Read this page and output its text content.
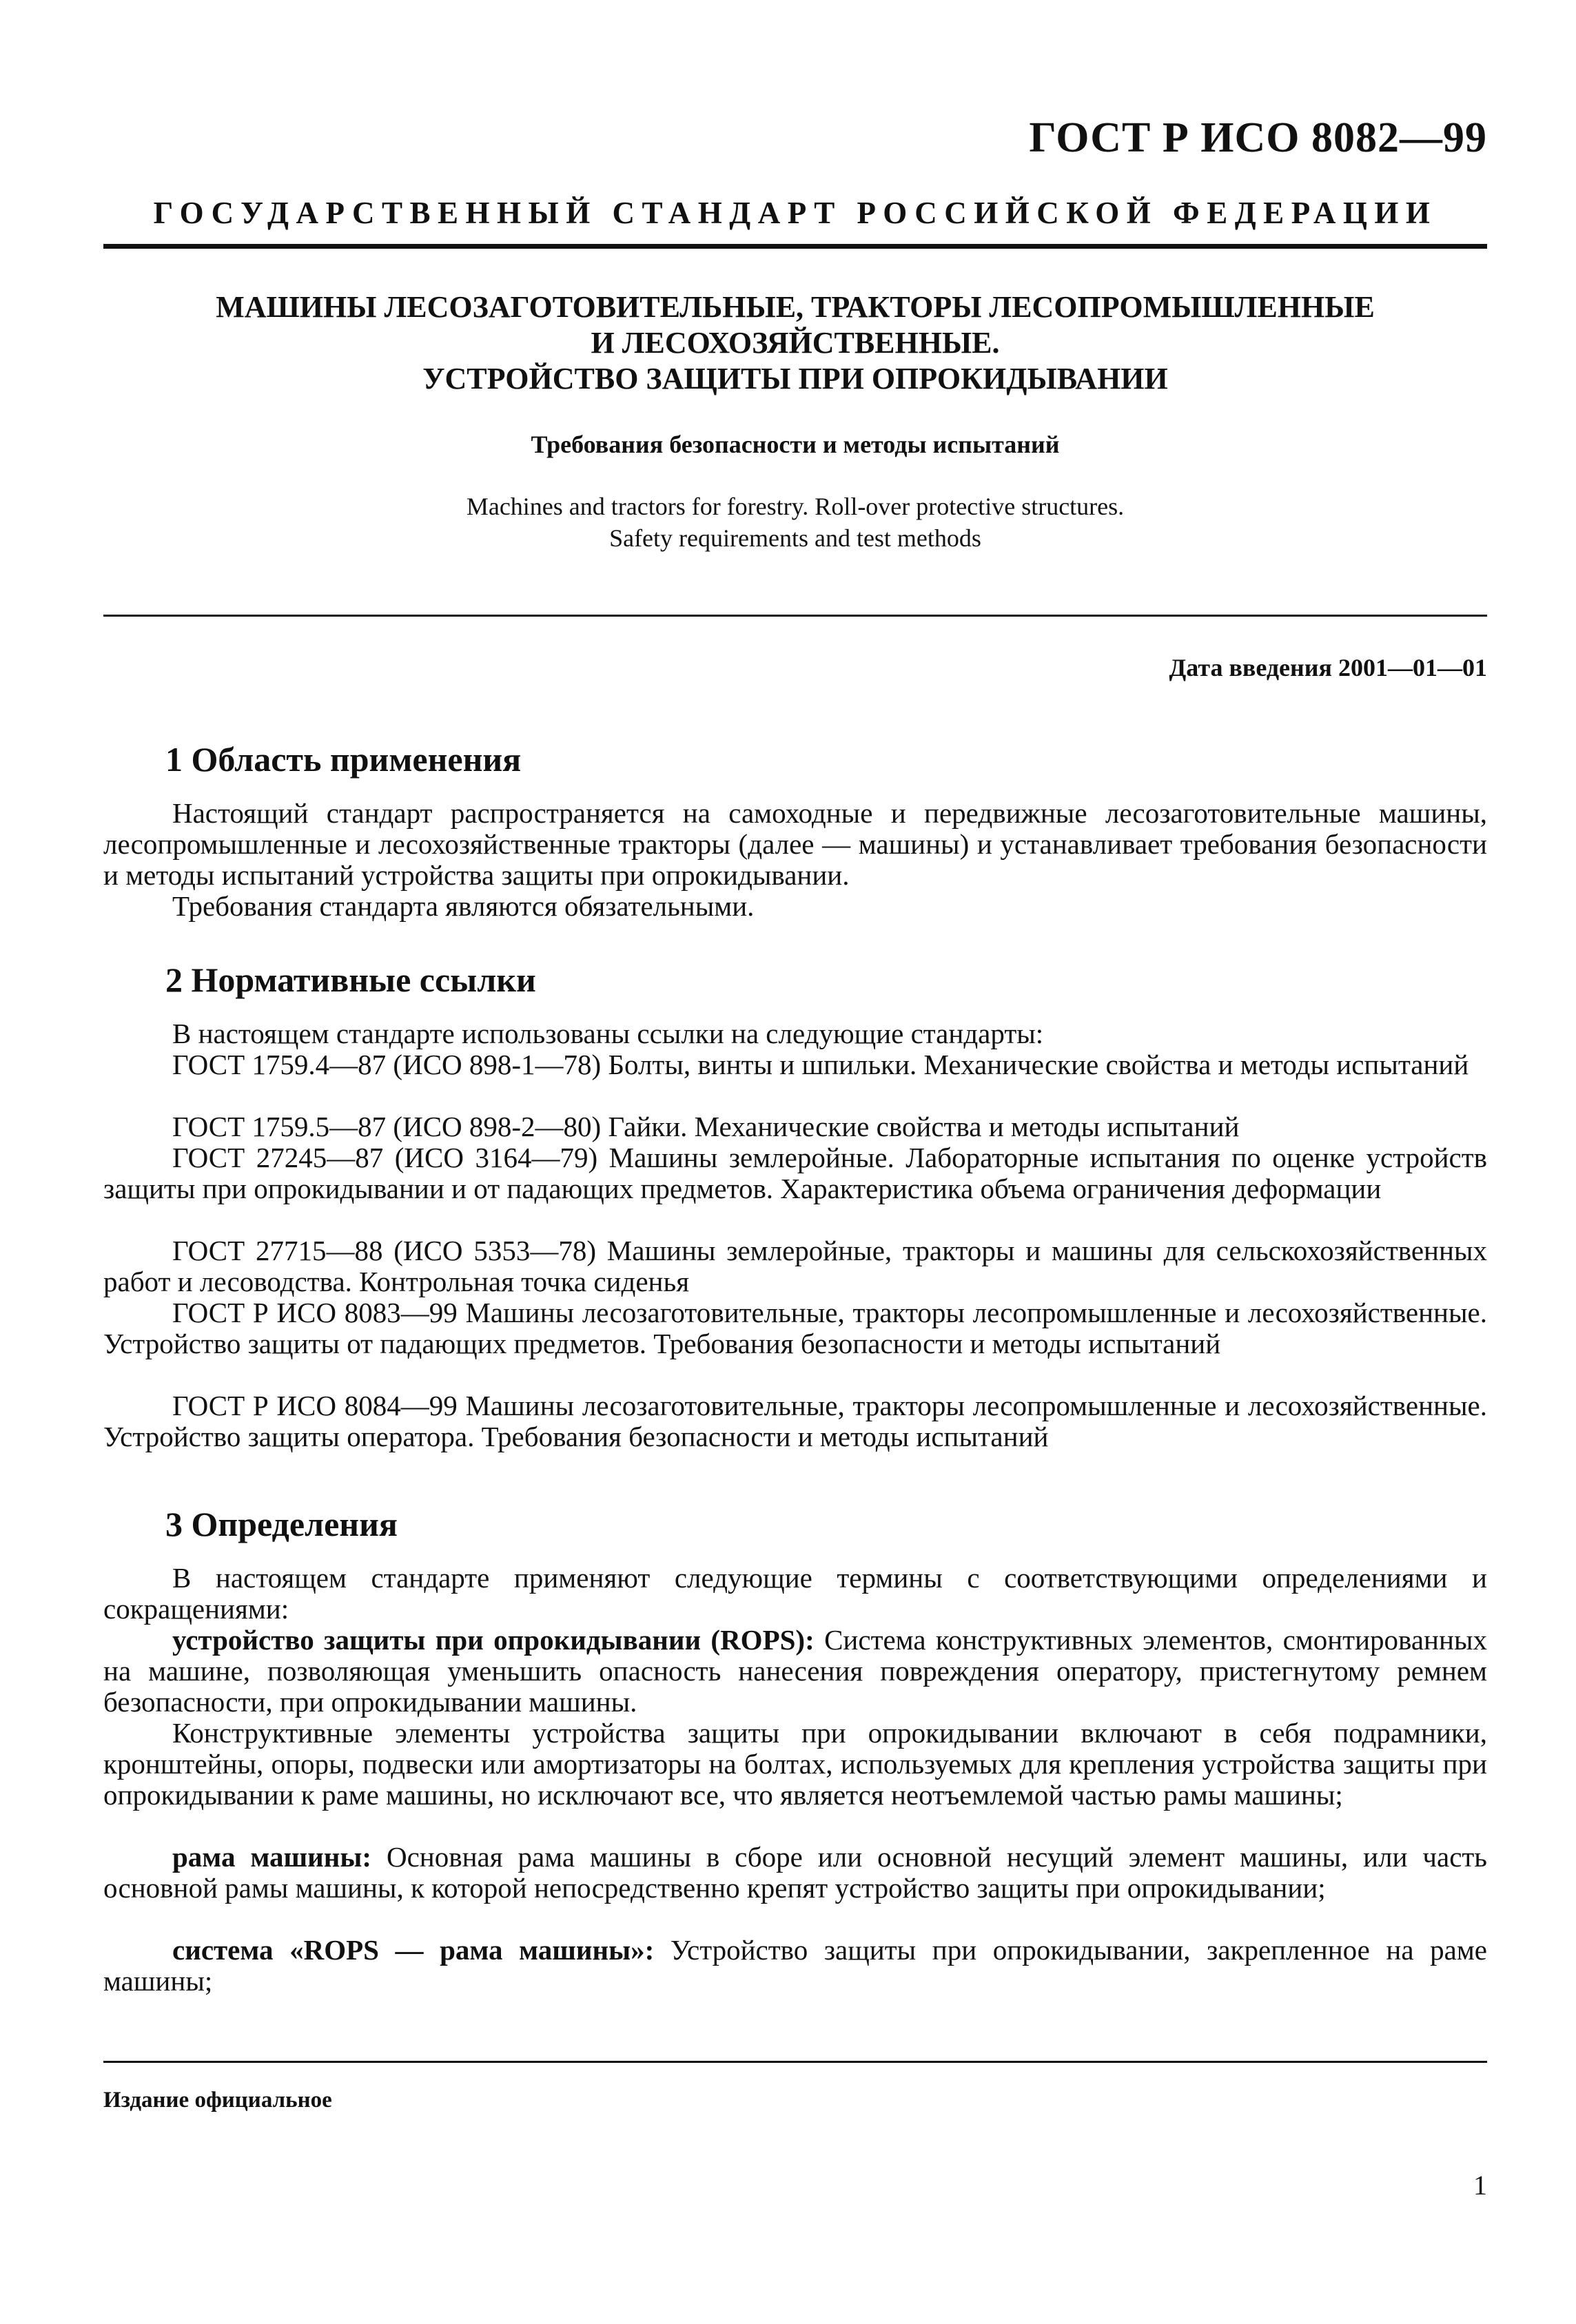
ГОСТ Р ИСО 8082—99
ГОСУДАРСТВЕННЫЙ СТАНДАРТ РОССИЙСКОЙ ФЕДЕРАЦИИ
МАШИНЫ ЛЕСОЗАГОТОВИТЕЛЬНЫЕ, ТРАКТОРЫ ЛЕСОПРОМЫШЛЕННЫЕ
И ЛЕСОХОЗЯЙСТВЕННЫЕ.
УСТРОЙСТВО ЗАЩИТЫ ПРИ ОПРОКИДЫВАНИИ
Требования безопасности и методы испытаний
Machines and tractors for forestry. Roll-over protective structures.
Safety requirements and test methods
Дата введения 2001—01—01
1 Область применения
Настоящий стандарт распространяется на самоходные и передвижные лесозаготовительные машины, лесопромышленные и лесохозяйственные тракторы (далее — машины) и устанавливает требования безопасности и методы испытаний устройства защиты при опрокидывании.
Требования стандарта являются обязательными.
2 Нормативные ссылки
В настоящем стандарте использованы ссылки на следующие стандарты:
ГОСТ 1759.4—87 (ИСО 898-1—78) Болты, винты и шпильки. Механические свойства и методы испытаний
ГОСТ 1759.5—87 (ИСО 898-2—80) Гайки. Механические свойства и методы испытаний
ГОСТ 27245—87 (ИСО 3164—79) Машины землеройные. Лабораторные испытания по оценке устройств защиты при опрокидывании и от падающих предметов. Характеристика объема ограничения деформации
ГОСТ 27715—88 (ИСО 5353—78) Машины землеройные, тракторы и машины для сельскохозяйственных работ и лесоводства. Контрольная точка сиденья
ГОСТ Р ИСО 8083—99 Машины лесозаготовительные, тракторы лесопромышленные и лесохозяйственные. Устройство защиты от падающих предметов. Требования безопасности и методы испытаний
ГОСТ Р ИСО 8084—99 Машины лесозаготовительные, тракторы лесопромышленные и лесохозяйственные. Устройство защиты оператора. Требования безопасности и методы испытаний
3 Определения
В настоящем стандарте применяют следующие термины с соответствующими определениями и сокращениями:
устройство защиты при опрокидывании (ROPS): Система конструктивных элементов, смонтированных на машине, позволяющая уменьшить опасность нанесения повреждения оператору, пристегнутому ремнем безопасности, при опрокидывании машины.
Конструктивные элементы устройства защиты при опрокидывании включают в себя подрамники, кронштейны, опоры, подвески или амортизаторы на болтах, используемых для крепления устройства защиты при опрокидывании к раме машины, но исключают все, что является неотъемлемой частью рамы машины;
рама машины: Основная рама машины в сборе или основной несущий элемент машины, или часть основной рамы машины, к которой непосредственно крепят устройство защиты при опрокидывании;
система «ROPS — рама машины»: Устройство защиты при опрокидывании, закрепленное на раме машины;
Издание официальное
1
